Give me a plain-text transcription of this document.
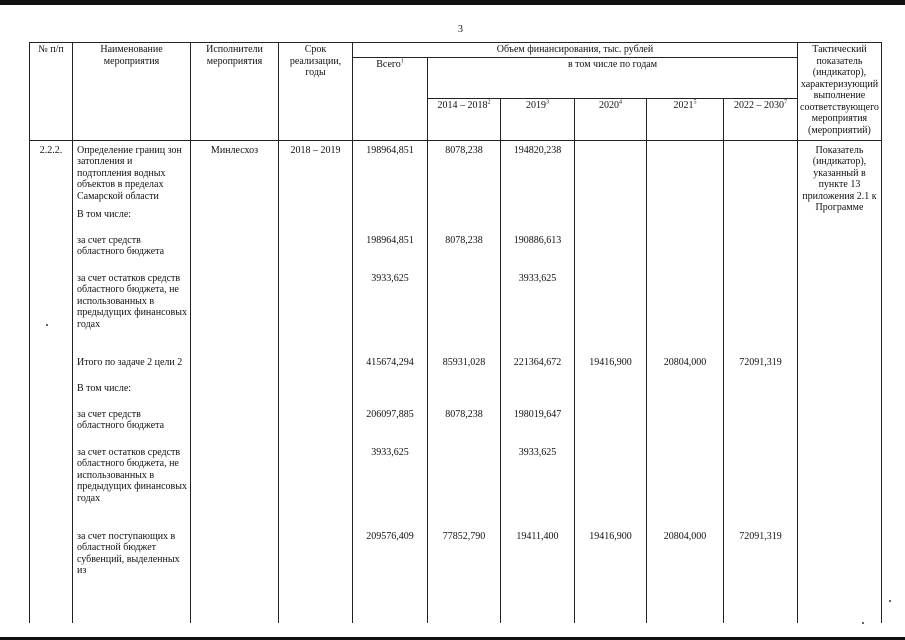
3
№ п/п	Наименование мероприятия	Исполнители мероприятия	Срок реализации, годы	Объем финансирования, тыс. рублей						Тактический показатель (индикатор), характеризующий выполнение соответствующего мероприятия (мероприятий)
				Всего$^1$	в том числе по годам					
					2014 – 2018$^2$	2019$^3$	2020$^4$	2021$^5$	2022 – 2030$^7$
2.2.2.	Определение границ зон затопления и подтопления водных объектов в пределах Самарской области	Минлесхоз	2018 – 2019	198964,851	8078,238	194820,238				Показатель (индикатор), указанный в пункте 13 приложения 2.1 к Программе
	В том числе:									
	за счет средств областного бюджета			198964,851	8078,238	190886,613				
	за счет остатков средств областного бюджета, не использованных в предыдущих финансовых годах			3933,625		3933,625				
	Итого по задаче 2 цели 2			415674,294	85931,028	221364,672	19416,900	20804,000	72091,319	
	В том числе:									
	за счет средств областного бюджета			206097,885	8078,238	198019,647				
	за счет остатков средств областного бюджета, не использованных в предыдущих финансовых годах			3933,625		3933,625				
	за счет поступающих в областной бюджет субвенций, выделенных из			209576,409	77852,790	19411,400	19416,900	20804,000	72091,319	
